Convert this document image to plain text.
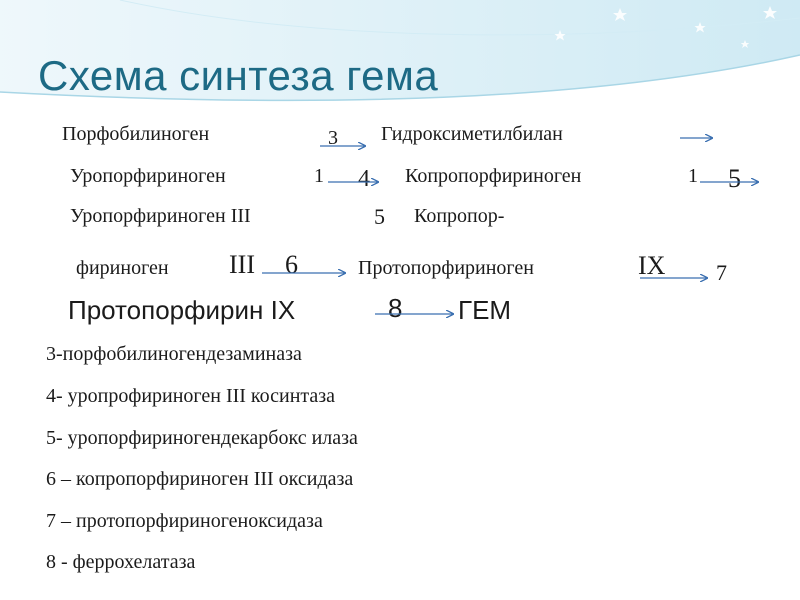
Схема синтеза гема
Порфобилиноген	3 Гидроксиметилбилан
Уропорфириноген	1 4 Копропорфириноген	1 5
Уропорфириноген III	5 Копропор-
фириноген III 6	Протопорфириноген	IX 7
Протопорфирин IX	8 ГЕМ
3-порфобилиногендезаминаза
4- уропрофириноген III косинтаза
5- уропорфириногендекарбокс илаза
6 – копропорфириноген III оксидаза
7 – протопорфириногеноксидаза
8 - феррохелатаза
